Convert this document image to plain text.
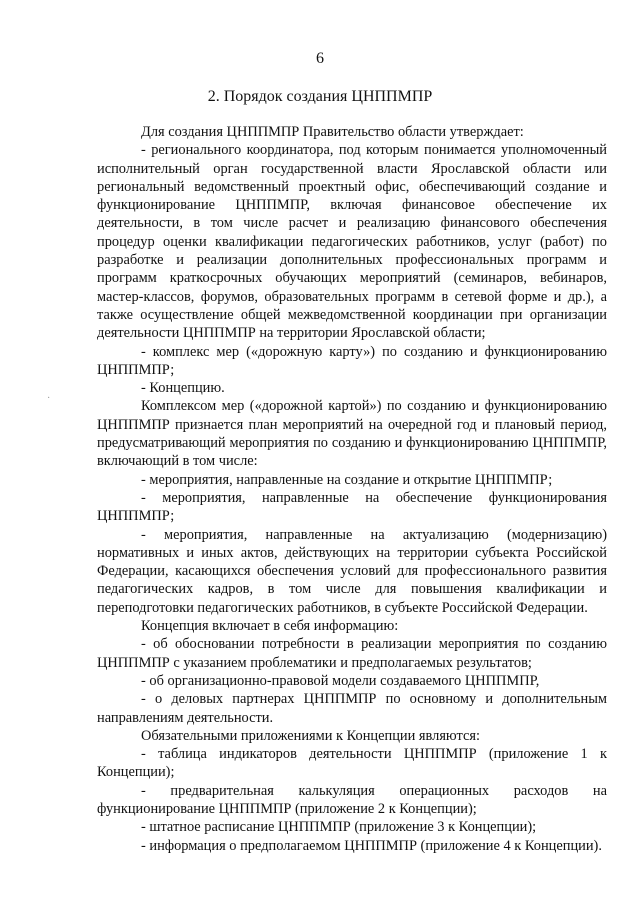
6
2. Порядок создания ЦНППМПР
·

Для создания ЦНППМПР Правительство области утверждает:

- регионального координатора, под которым понимается уполномоченный исполнительный орган государственной власти Ярославской области или региональный ведомственный проектный офис, обеспечивающий создание и функционирование ЦНППМПР, включая финансовое обеспечение их деятельности, в том числе расчет и реализацию финансового обеспечения процедур оценки квалификации педагогических работников, услуг (работ) по разработке и реализации дополнительных профессиональных программ и программ краткосрочных обучающих мероприятий (семинаров, вебинаров, мастер-классов, форумов, образовательных программ в сетевой форме и др.), а также осуществление общей межведомственной координации при организации деятельности ЦНППМПР на территории Ярославской области;

- комплекс мер («дорожную карту») по созданию и функционированию ЦНППМПР;

- Концепцию.

Комплексом мер («дорожной картой») по созданию и функционированию ЦНППМПР признается план мероприятий на очередной год и плановый период, предусматривающий мероприятия по созданию и функционированию ЦНППМПР, включающий в том числе:

- мероприятия, направленные на создание и открытие ЦНППМПР;

- мероприятия, направленные на обеспечение функционирования ЦНППМПР;

- мероприятия, направленные на актуализацию (модернизацию) нормативных и иных актов, действующих на территории субъекта Российской Федерации, касающихся обеспечения условий для профессионального развития педагогических кадров, в том числе для повышения квалификации и переподготовки педагогических работников, в субъекте Российской Федерации.

Концепция включает в себя информацию:

- об обосновании потребности в реализации мероприятия по созданию ЦНППМПР с указанием проблематики и предполагаемых результатов;

- об организационно-правовой модели создаваемого ЦНППМПР,

- о деловых партнерах ЦНППМПР по основному и дополнительным направлениям деятельности.

Обязательными приложениями к Концепции являются:

- таблица индикаторов деятельности ЦНППМПР (приложение 1 к Концепции);

- предварительная калькуляция операционных расходов на функционирование ЦНППМПР (приложение 2 к Концепции);

- штатное расписание ЦНППМПР (приложение 3 к Концепции);

- информация о предполагаемом ЦНППМПР (приложение 4 к Концепции).
